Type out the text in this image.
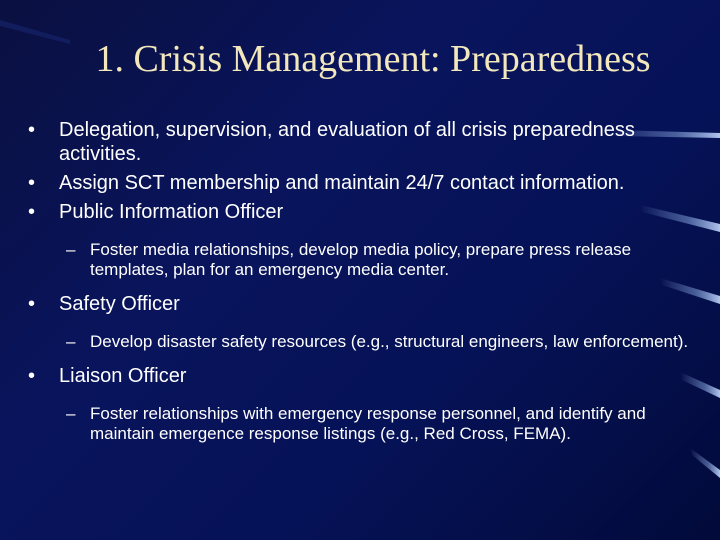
1. Crisis Management: Preparedness
• Delegation, supervision, and evaluation of all crisis preparedness activities.
• Assign SCT membership and maintain 24/7 contact information.
• Public Information Officer
– Foster media relationships, develop media policy, prepare press release templates, plan for an emergency media center.
• Safety Officer
– Develop disaster safety resources (e.g., structural engineers, law enforcement).
• Liaison Officer
– Foster relationships with emergency response personnel, and identify and maintain emergence response listings (e.g., Red Cross, FEMA).
